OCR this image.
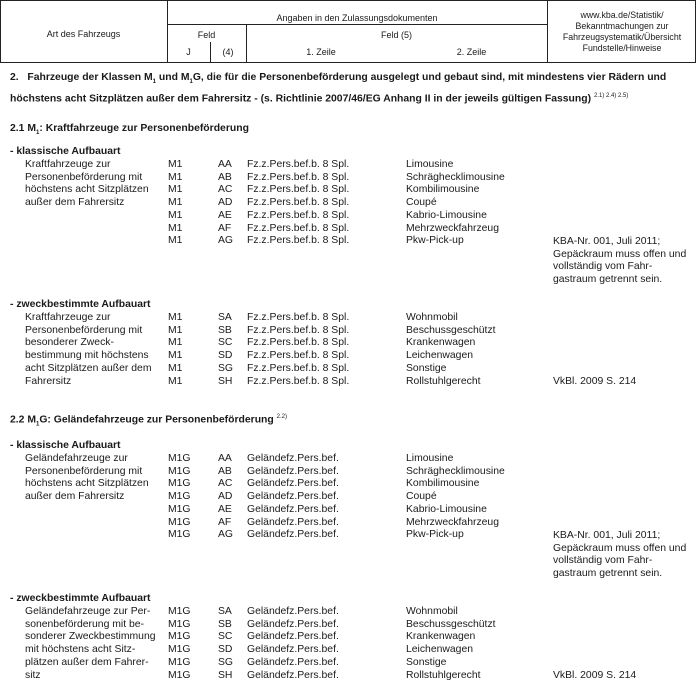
Art des Fahrzeugs
Angaben in den Zulassungsdokumenten
Feld
J	(4)
Feld (5)
1. Zeile	2. Zeile
www.kba.de/Statistik/ Bekanntmachungen zur Fahrzeugsystematik/Übersicht Fundstelle/Hinweise
2. Fahrzeuge der Klassen $M_1$ und $M_1G$, die für die Personenbeförderung ausgelegt und gebaut sind, mit mindestens vier Rädern und höchstens acht Sitzplätzen außer dem Fahrersitz - (s. Richtlinie 2007/46/EG Anhang II in der jeweils gültigen Fassung) $^{2.1) 2.4) 2.5)}$
2.1 $M_1$: Kraftfahrzeuge zur Personenbeförderung
- klassische Aufbauart
Kraftfahrzeuge zur Personenbeförderung mit höchstens acht Sitzplätzen außer dem Fahrersitz
M1	AA Fz.z.Pers.bef.b. 8 Spl.	Limousine
M1	AB Fz.z.Pers.bef.b. 8 Spl.	Schräghecklimousine
M1	AC Fz.z.Pers.bef.b. 8 Spl.	Kombilimousine
M1	AD Fz.z.Pers.bef.b. 8 Spl.	Coupé
M1	AE Fz.z.Pers.bef.b. 8 Spl.	Kabrio-Limousine
M1	AF Fz.z.Pers.bef.b. 8 Spl.	Mehrzweckfahrzeug
M1	AG Fz.z.Pers.bef.b. 8 Spl.	Pkw-Pick-up	KBA-Nr. 001, Juli 2011; Gepäckraum muss offen und vollständig vom Fahr-gastraum getrennt sein.
- zweckbestimmte Aufbauart
Kraftfahrzeuge zur Personenbeförderung mit besonderer Zweck-bestimmung mit höchstens acht Sitzplätzen außer dem Fahrersitz
M1	SA Fz.z.Pers.bef.b. 8 Spl.	Wohnmobil
M1	SB Fz.z.Pers.bef.b. 8 Spl.	Beschussgeschützt
M1	SC Fz.z.Pers.bef.b. 8 Spl.	Krankenwagen
M1	SD Fz.z.Pers.bef.b. 8 Spl.	Leichenwagen
M1	SG Fz.z.Pers.bef.b. 8 Spl.	Sonstige
M1	SH Fz.z.Pers.bef.b. 8 Spl.	Rollstuhlgerecht	VkBl. 2009 S. 214
2.2 $M_1G$: Geländefahrzeuge zur Personenbeförderung $^{2.2)}$
- klassische Aufbauart
Geländefahrzeuge zur Personenbeförderung mit höchstens acht Sitzplätzen außer dem Fahrersitz
M1G	AA Geländefz.Pers.bef.	Limousine
M1G	AB Geländefz.Pers.bef.	Schräghecklimousine
M1G	AC Geländefz.Pers.bef.	Kombilimousine
M1G	AD Geländefz.Pers.bef.	Coupé
M1G	AE Geländefz.Pers.bef.	Kabrio-Limousine
M1G	AF Geländefz.Pers.bef.	Mehrzweckfahrzeug
M1G	AG Geländefz.Pers.bef.	Pkw-Pick-up	KBA-Nr. 001, Juli 2011; Gepäckraum muss offen und vollständig vom Fahr-gastraum getrennt sein.
- zweckbestimmte Aufbauart
Geländefahrzeuge zur Per-sonenbeförderung mit be-sonderer Zweckbestimmung mit höchstens acht Sitz-plätzen außer dem Fahrer-sitz
M1G	SA Geländefz.Pers.bef.	Wohnmobil
M1G	SB Geländefz.Pers.bef.	Beschussgeschützt
M1G	SC Geländefz.Pers.bef.	Krankenwagen
M1G	SD Geländefz.Pers.bef.	Leichenwagen
M1G	SG Geländefz.Pers.bef.	Sonstige
M1G	SH Geländefz.Pers.bef.	Rollstuhlgerecht	VkBl. 2009 S. 214
